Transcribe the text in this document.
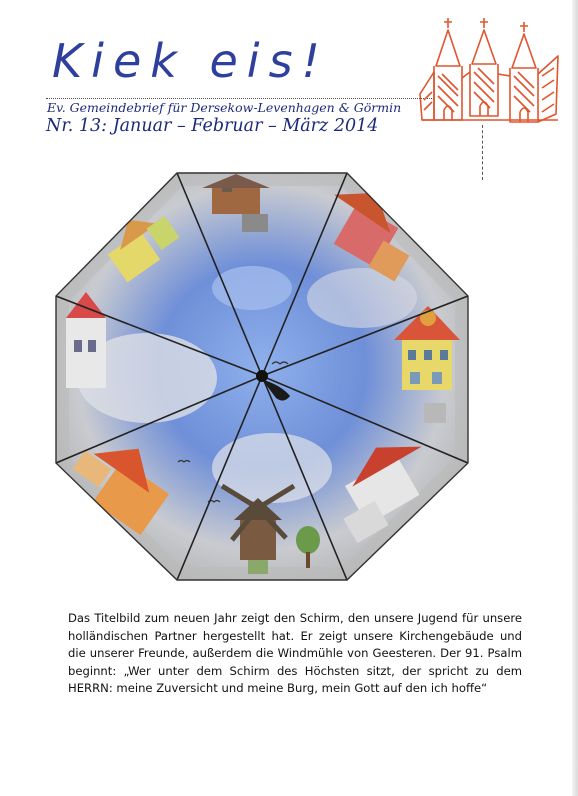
Kiek eis!
Ev. Gemeindebrief für Dersekow-Levenhagen & Görmin
Nr. 13: Januar – Februar – März 2014
Das Titelbild zum neuen Jahr zeigt den Schirm, den unsere Jugend für unsere holländischen Partner hergestellt hat. Er zeigt unsere Kirchengebäude und die unserer Freunde, außerdem die Windmühle von Geesteren. Der 91. Psalm beginnt: „Wer unter dem Schirm des Höchsten sitzt, der spricht zu dem HERRN: meine Zuversicht und meine Burg, mein Gott auf den ich hoffe“
